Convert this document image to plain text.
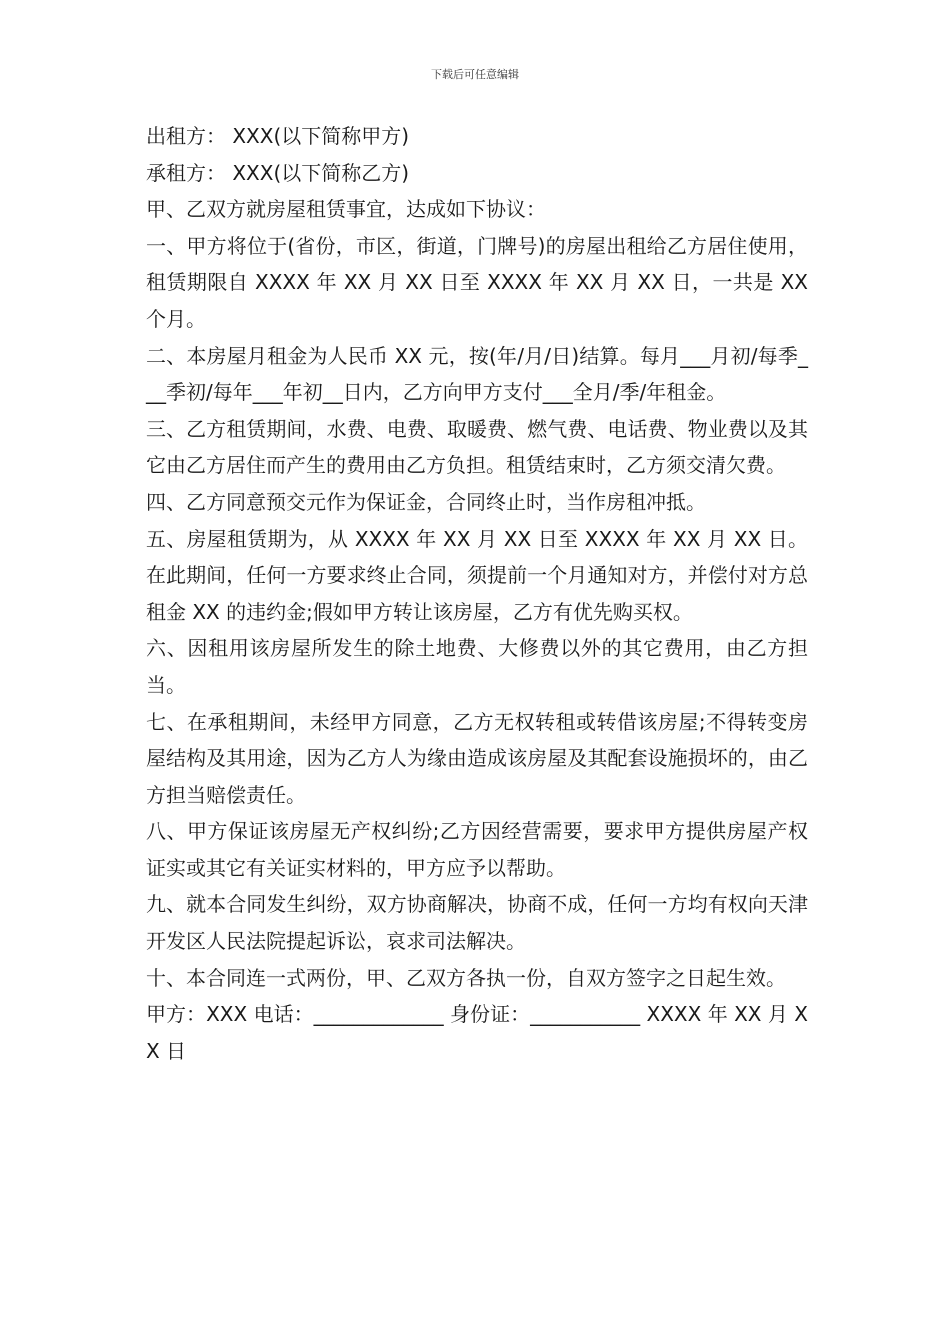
下载后可任意编辑

出租方： XXX(以下简称甲方)

承租方： XXX(以下简称乙方)

甲、乙双方就房屋租赁事宜，达成如下协议：

一、甲方将位于(省份，市区，街道，门牌号)的房屋出租给乙方居住使用，租赁期限自 XXXX 年 XX 月 XX 日至 XXXX 年 XX 月 XX 日，一共是 XX 个月。

二、本房屋月租金为人民币 XX 元，按(年/月/日)结算。每月___月初/每季___季初/每年___年初__日内，乙方向甲方支付___全月/季/年租金。

三、乙方租赁期间，水费、电费、取暖费、燃气费、电话费、物业费以及其它由乙方居住而产生的费用由乙方负担。租赁结束时，乙方须交清欠费。

四、乙方同意预交元作为保证金，合同终止时，当作房租冲抵。

五、房屋租赁期为，从 XXXX 年 XX 月 XX 日至 XXXX 年 XX 月 XX 日。在此期间，任何一方要求终止合同，须提前一个月通知对方，并偿付对方总租金 XX 的违约金;假如甲方转让该房屋，乙方有优先购买权。

六、因租用该房屋所发生的除土地费、大修费以外的其它费用，由乙方担当。

七、在承租期间，未经甲方同意，乙方无权转租或转借该房屋;不得转变房屋结构及其用途，因为乙方人为缘由造成该房屋及其配套设施损坏的，由乙方担当赔偿责任。

八、甲方保证该房屋无产权纠纷;乙方因经营需要，要求甲方提供房屋产权证实或其它有关证实材料的，甲方应予以帮助。

九、就本合同发生纠纷，双方协商解决，协商不成，任何一方均有权向天津开发区人民法院提起诉讼，哀求司法解决。

十、本合同连一式两份，甲、乙双方各执一份，自双方签字之日起生效。

甲方：XXX 电话：_____________ 身份证：___________ XXXX 年 XX 月 XX 日
